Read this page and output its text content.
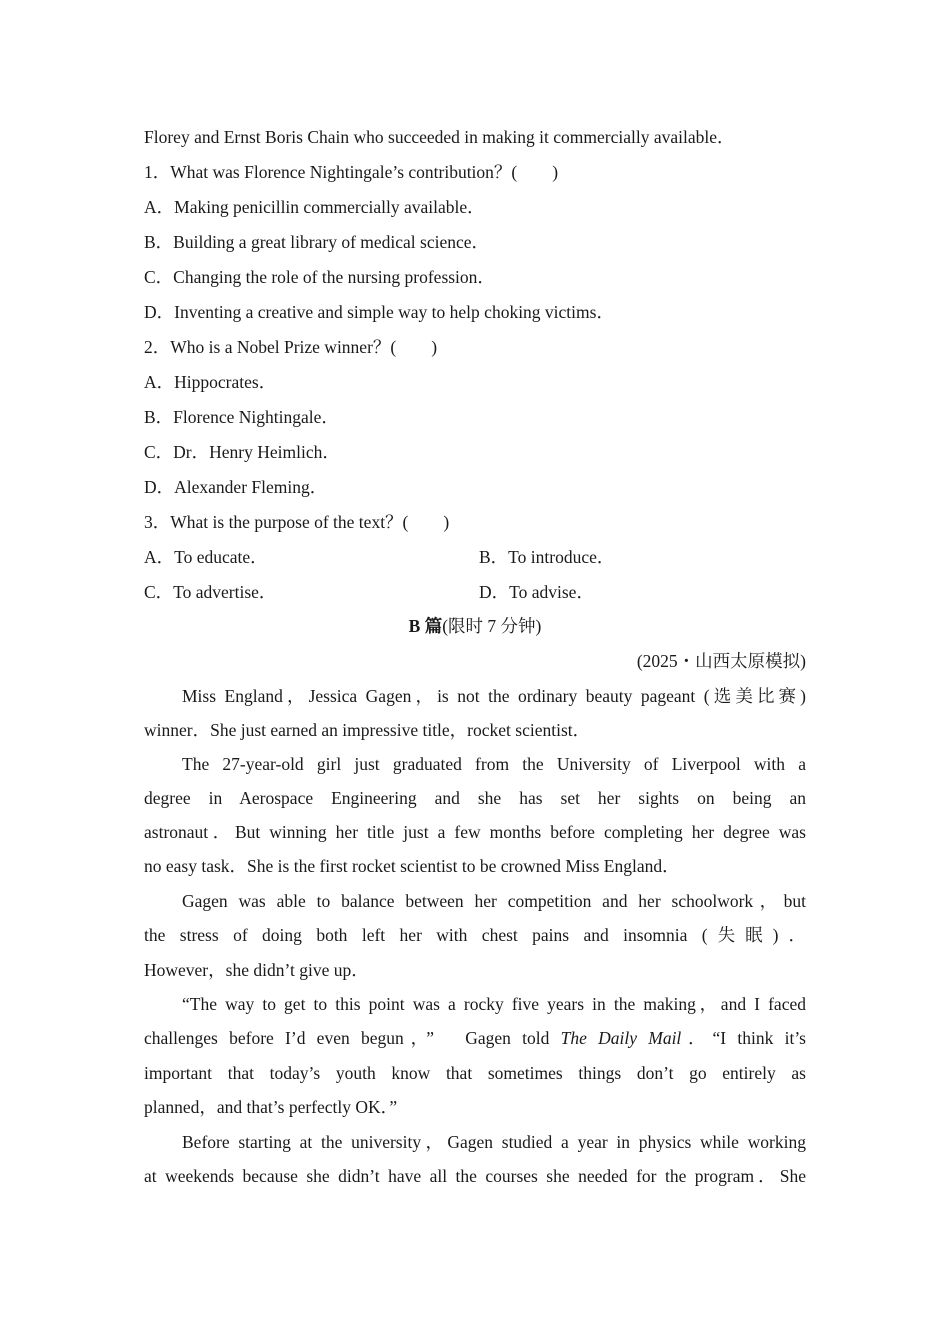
Florey and Ernst Boris Chain who succeeded in making it commercially available．
1．What was Florence Nightingale’s contribution？(　　)
A．Making penicillin commercially available．
B．Building a great library of medical science．
C．Changing the role of the nursing profession．
D．Inventing a creative and simple way to help choking victims．
2．Who is a Nobel Prize winner？(　　)
A．Hippocrates．
B．Florence Nightingale．
C．Dr．Henry Heimlich．
D．Alexander Fleming．
3．What is the purpose of the text？(　　)
A．To educate．	B．To introduce．
C．To advertise．	D．To advise．
B 篇(限时 7 分钟)
(2025・山西太原模拟)
Miss England，Jessica Gagen，is not the ordinary beauty pageant (选美比赛)
winner．She just earned an impressive title，rocket scientist．
The 27-year-old girl just graduated from the University of Liverpool with a
degree in Aerospace Engineering and she has set her sights on being an
astronaut．But winning her title just a few months before completing her degree was
no easy task．She is the first rocket scientist to be crowned Miss England．
Gagen was able to balance between her competition and her schoolwork，but
the stress of doing both left her with chest pains and insomnia (失眠)．
However，she didn’t give up．
“The way to get to this point was a rocky five years in the making，and I faced
challenges before I’d even begun，”　Gagen told The Daily Mail．“I think it’s
important that today’s youth know that sometimes things don’t go entirely as
planned，and that’s perfectly OK．”
Before starting at the university，Gagen studied a year in physics while working
at weekends because she didn’t have all the courses she needed for the program．She
